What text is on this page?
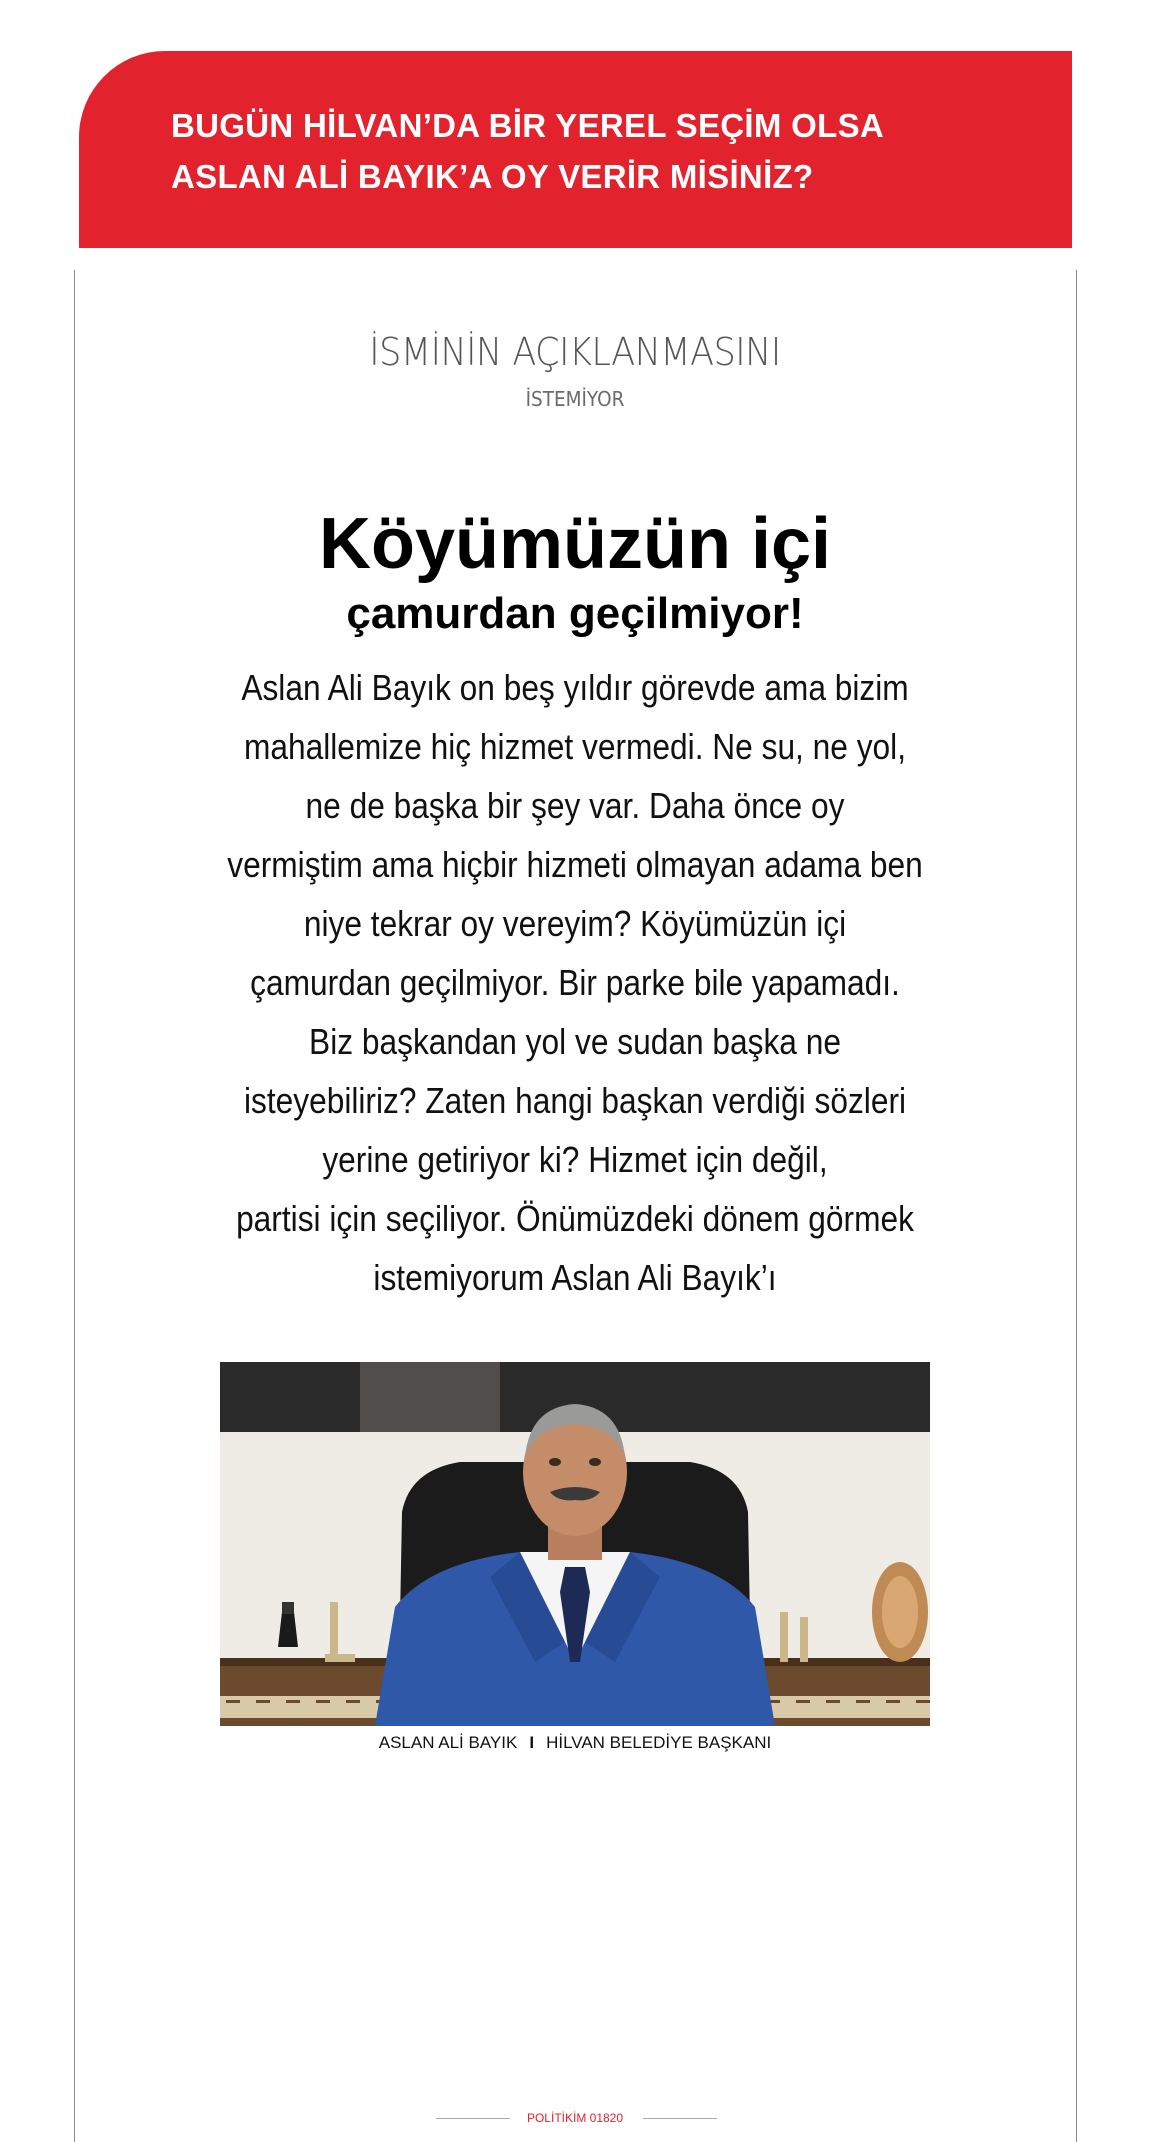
BUGÜN HİLVAN’DA BİR YEREL SEÇİM OLSA
ASLAN ALİ BAYIK’A OY VERİR MİSİNİZ?
İSMİNİN AÇIKLANMASINI
İSTEMİYOR
Köyümüzün içi
çamurdan geçilmiyor!
Aslan Ali Bayık on beş yıldır görevde ama bizim
mahallemize hiç hizmet vermedi. Ne su, ne yol,
ne de başka bir şey var. Daha önce oy
vermiştim ama hiçbir hizmeti olmayan adama ben
niye tekrar oy vereyim? Köyümüzün içi
çamurdan geçilmiyor. Bir parke bile yapamadı.
Biz başkandan yol ve sudan başka ne
isteyebiliriz? Zaten hangi başkan verdiği sözleri
yerine getiriyor ki? Hizmet için değil,
partisi için seçiliyor. Önümüzdeki dönem görmek
istemiyorum Aslan Ali Bayık’ı
ASLAN ALİ BAYIK I HİLVAN BELEDİYE BAŞKANI
POLİTİKİM 01820
